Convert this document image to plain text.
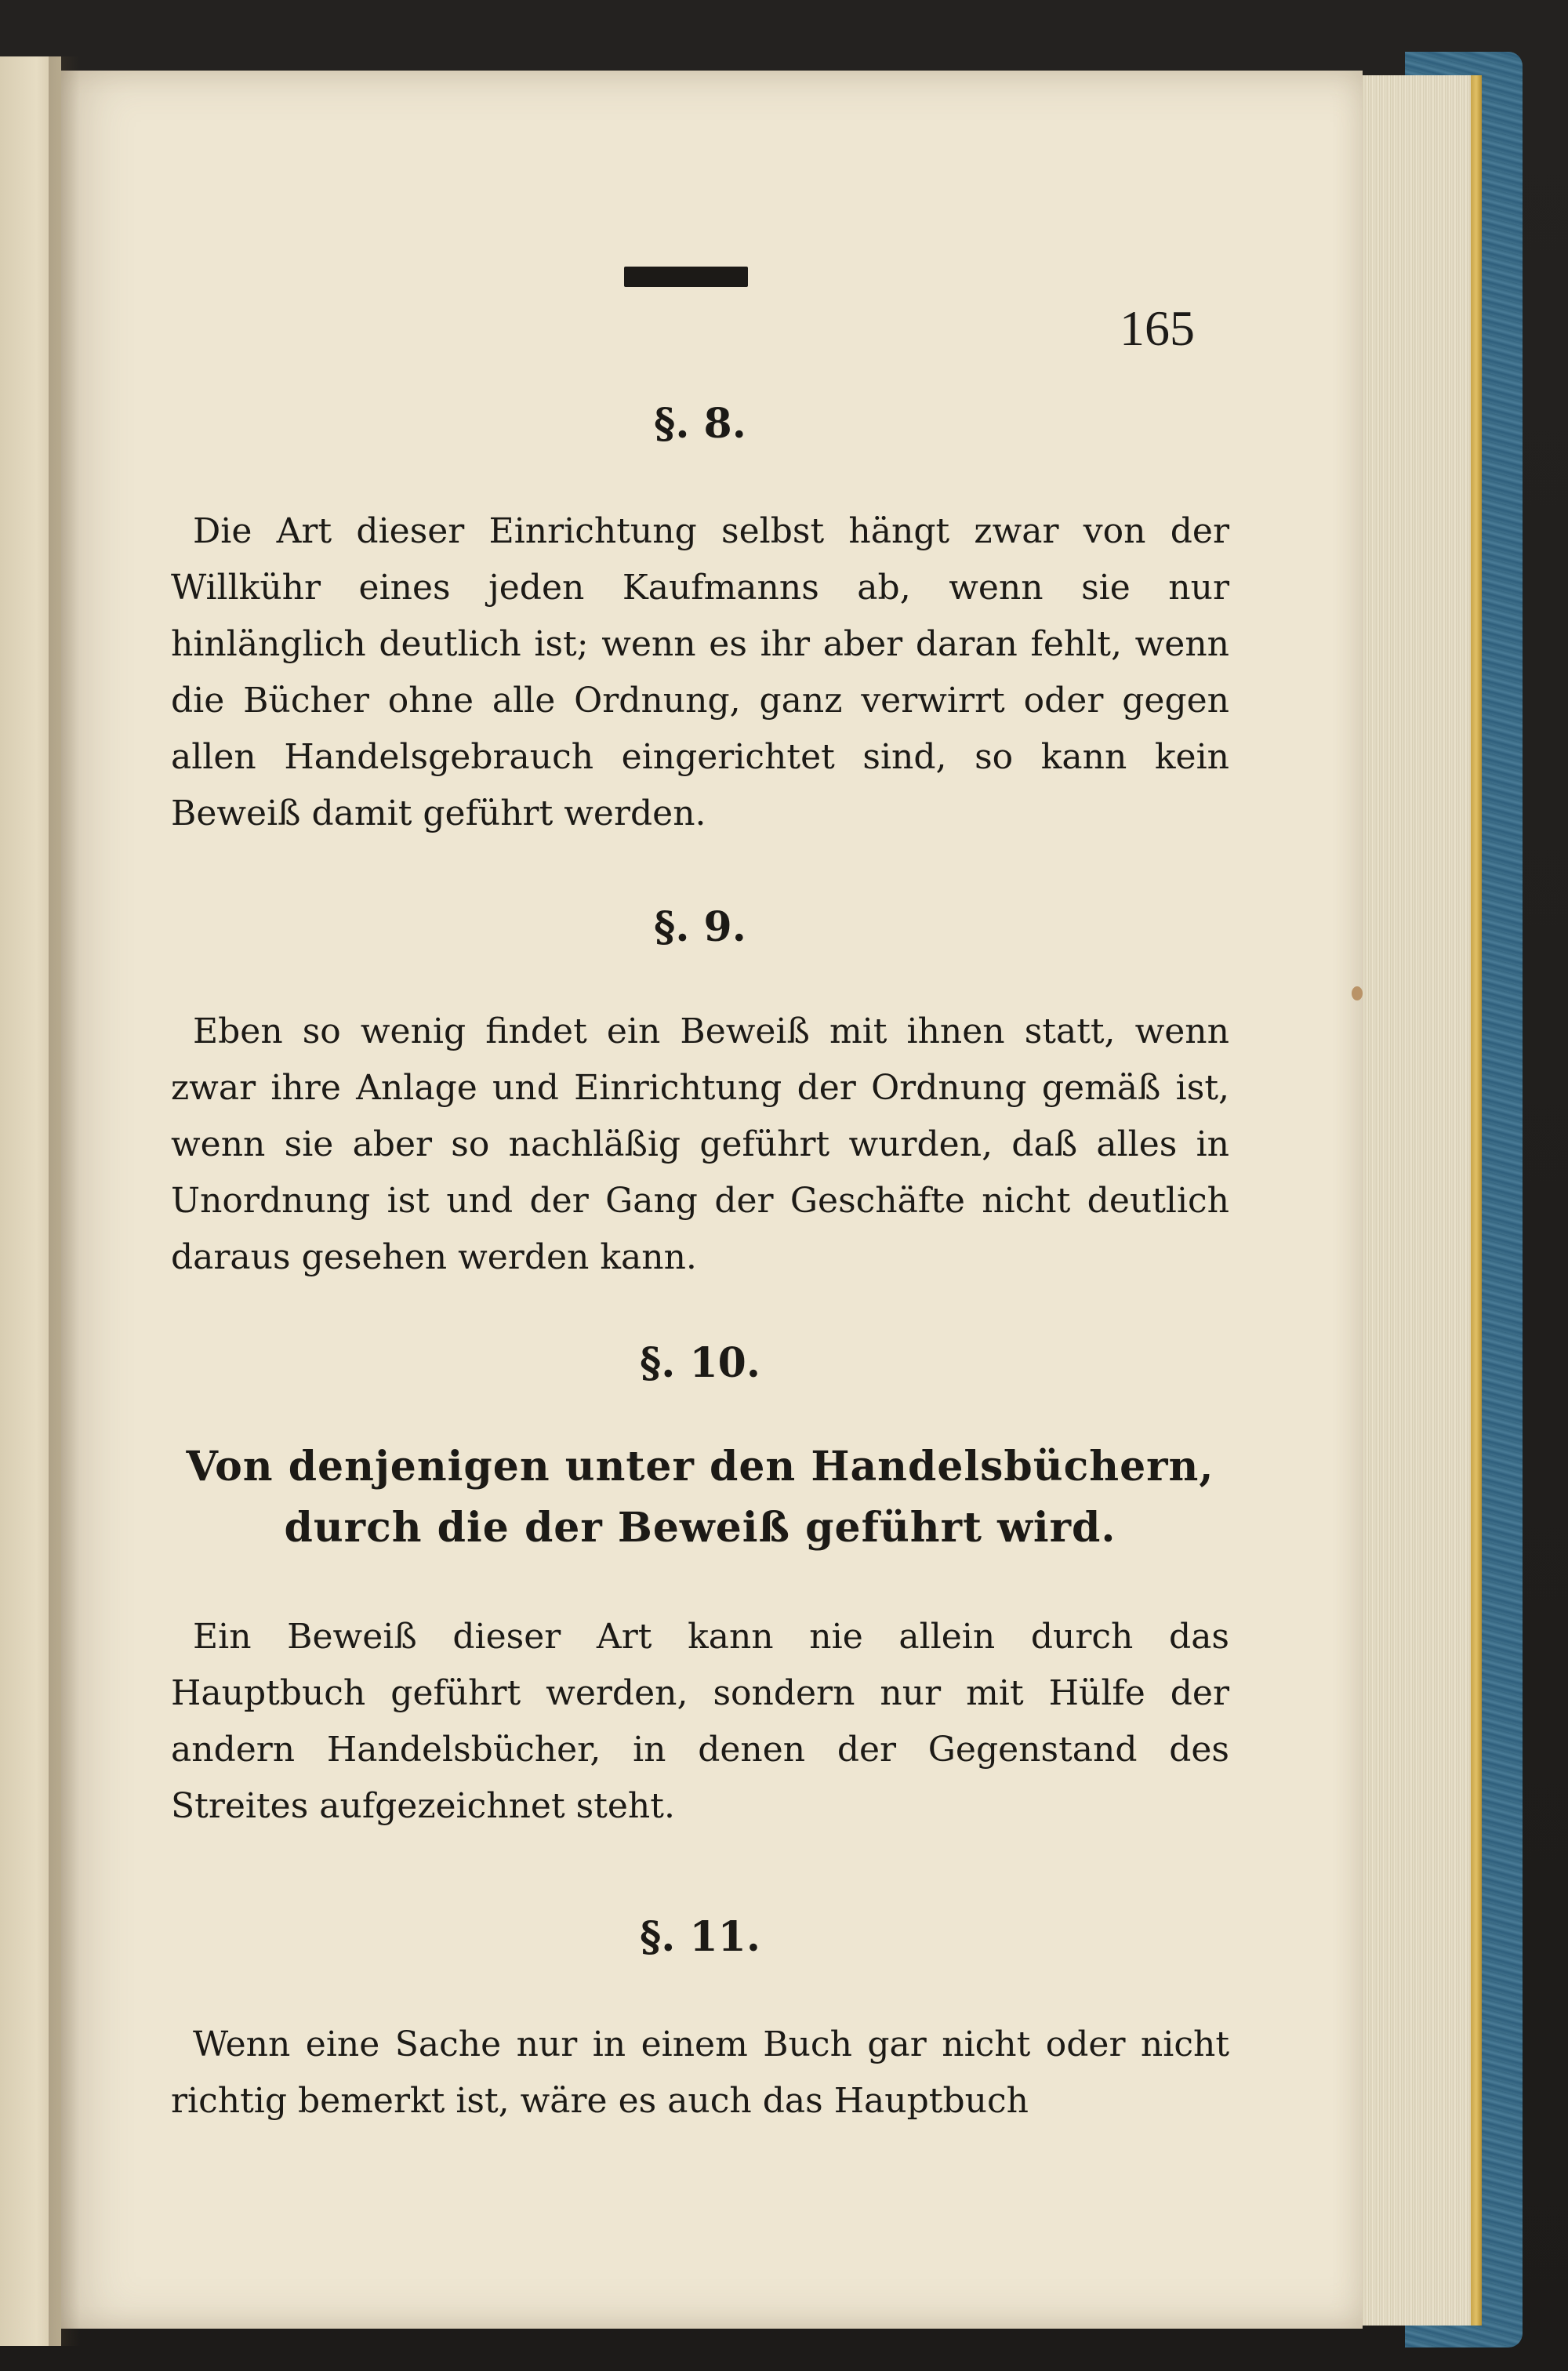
165
§. 8.

Die Art dieser Einrichtung selbst hängt zwar von der Willkühr eines jeden Kaufmanns ab, wenn sie nur hinlänglich deutlich ist; wenn es ihr aber daran fehlt, wenn die Bücher ohne alle Ordnung, ganz verwirrt oder gegen allen Handelsgebrauch eingerichtet sind, so kann kein Beweiß damit geführt werden.

§. 9.

Eben so wenig findet ein Beweiß mit ihnen statt, wenn zwar ihre Anlage und Einrichtung der Ordnung gemäß ist, wenn sie aber so nachläßig geführt wurden, daß alles in Unordnung ist und der Gang der Geschäfte nicht deutlich daraus gesehen werden kann.

§. 10.
Von denjenigen unter den Handelsbüchern, durch die der Beweiß geführt wird.

Ein Beweiß dieser Art kann nie allein durch das Hauptbuch geführt werden, sondern nur mit Hülfe der andern Handelsbücher, in denen der Gegenstand des Streites aufgezeichnet steht.

§. 11.

Wenn eine Sache nur in einem Buch gar nicht oder nicht richtig bemerkt ist, wäre es auch das Hauptbuch
